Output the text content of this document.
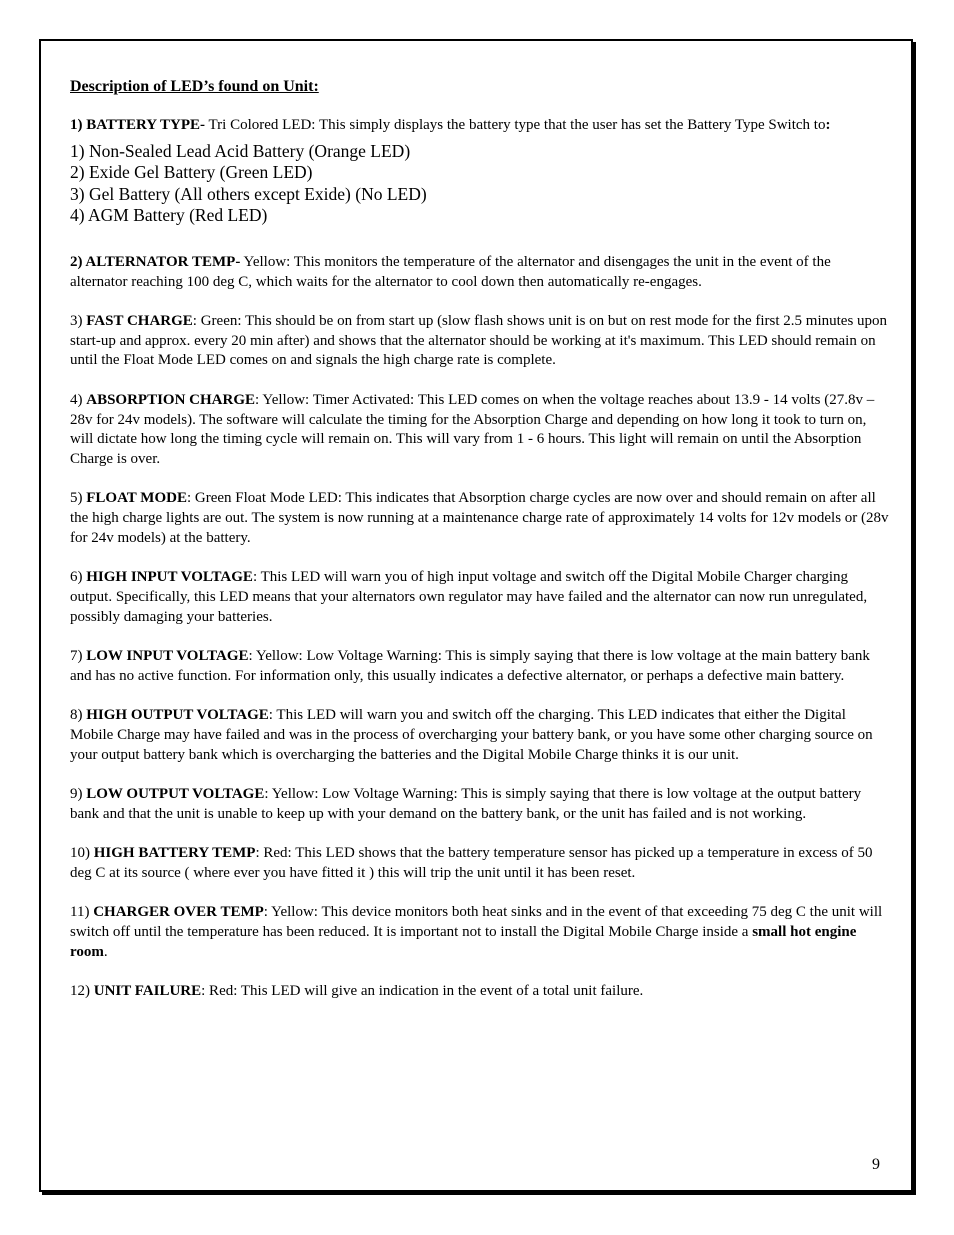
Description of LED’s found on Unit:

1) BATTERY TYPE- Tri Colored LED: This simply displays the battery type that the user has set the Battery Type Switch to:

1) Non-Sealed Lead Acid Battery (Orange LED)
2) Exide Gel Battery (Green LED)
3) Gel Battery (All others except Exide) (No LED)
4) AGM Battery (Red LED)

2) ALTERNATOR TEMP- Yellow: This monitors the temperature of the alternator and disengages the unit in the event of the alternator reaching 100 deg C, which waits for the alternator to cool down then automatically re-engages.

3) FAST CHARGE: Green: This should be on from start up (slow flash shows unit is on but on rest mode for the first 2.5 minutes upon start-up and approx. every 20 min after) and shows that the alternator should be working at it's maximum. This LED should remain on until the Float Mode LED comes on and signals the high charge rate is complete.

4) ABSORPTION CHARGE: Yellow: Timer Activated: This LED comes on when the voltage reaches about 13.9 - 14 volts (27.8v – 28v for 24v models). The software will calculate the timing for the Absorption Charge and depending on how long it took to turn on, will dictate how long the timing cycle will remain on. This will vary from 1 - 6 hours. This light will remain on until the Absorption Charge is over.

5) FLOAT MODE: Green Float Mode LED: This indicates that Absorption charge cycles are now over and should remain on after all the high charge lights are out. The system is now running at a maintenance charge rate of approximately 14 volts for 12v models or (28v for 24v models) at the battery.

6) HIGH INPUT VOLTAGE: This LED will warn you of high input voltage and switch off the Digital Mobile Charger charging output. Specifically, this LED means that your alternators own regulator may have failed and the alternator can now run unregulated, possibly damaging your batteries.

7) LOW INPUT VOLTAGE: Yellow: Low Voltage Warning: This is simply saying that there is low voltage at the main battery bank and has no active function. For information only, this usually indicates a defective alternator, or perhaps a defective main battery.

8) HIGH OUTPUT VOLTAGE: This LED will warn you and switch off the charging. This LED indicates that either the Digital Mobile Charge may have failed and was in the process of overcharging your battery bank, or you have some other charging source on your output battery bank which is overcharging the batteries and the Digital Mobile Charge thinks it is our unit.

9) LOW OUTPUT VOLTAGE: Yellow: Low Voltage Warning: This is simply saying that there is low voltage at the output battery bank and that the unit is unable to keep up with your demand on the battery bank, or the unit has failed and is not working.

10) HIGH BATTERY TEMP: Red: This LED shows that the battery temperature sensor has picked up a temperature in excess of 50 deg C at its source ( where ever you have fitted it ) this will trip the unit until it has been reset.

11) CHARGER OVER TEMP: Yellow: This device monitors both heat sinks and in the event of that exceeding 75 deg C the unit will switch off until the temperature has been reduced. It is important not to install the Digital Mobile Charge inside a small hot engine room.

12) UNIT FAILURE: Red: This LED will give an indication in the event of a total unit failure.

9
